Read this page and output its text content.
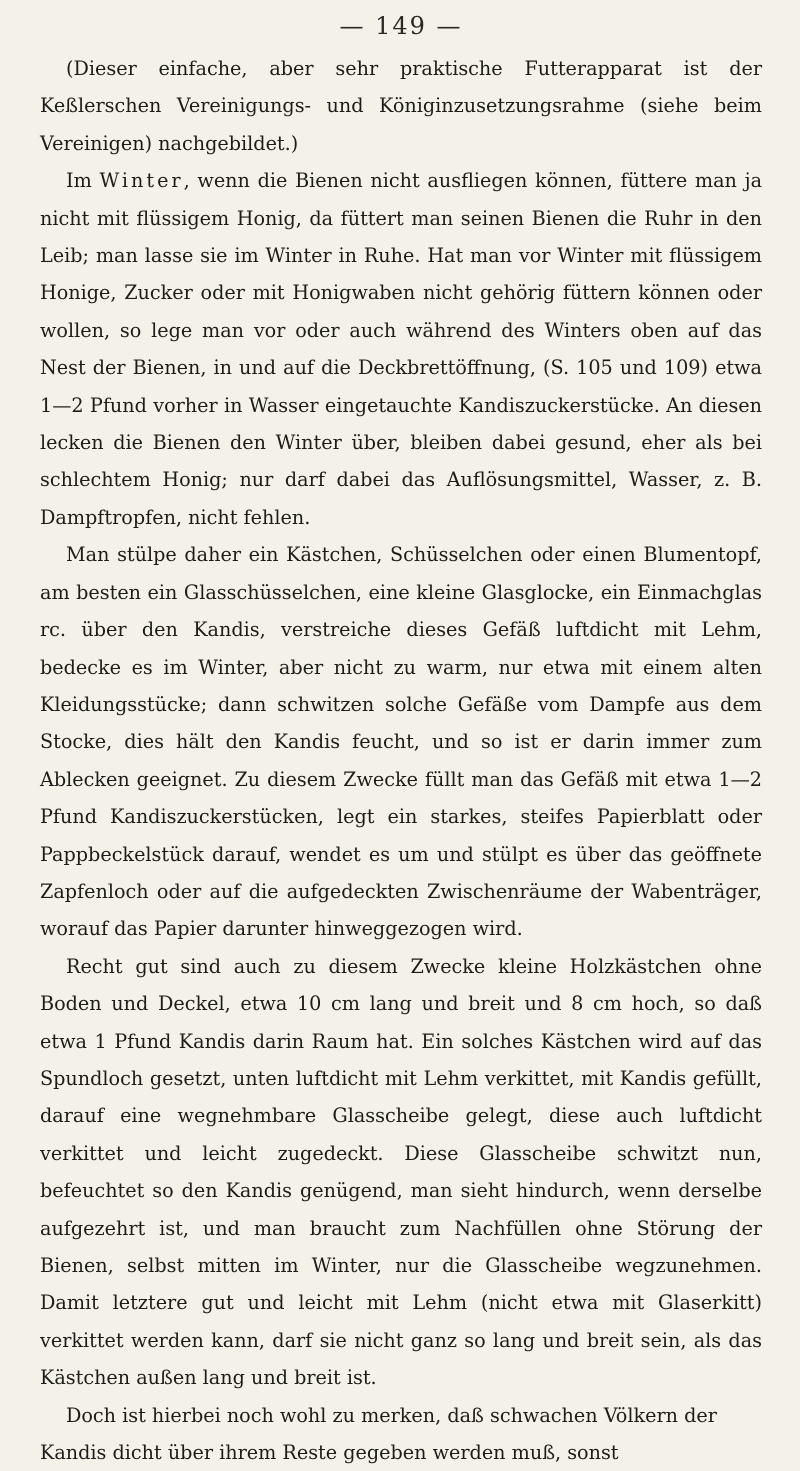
— 149 —

(Dieser einfache, aber sehr praktische Futterapparat ist der Keßlerschen Vereinigungs- und Königinzusetzungsrahme (siehe beim Vereinigen) nachgebildet.)

Im Winter, wenn die Bienen nicht ausfliegen können, füttere man ja nicht mit flüssigem Honig, da füttert man seinen Bienen die Ruhr in den Leib; man lasse sie im Winter in Ruhe. Hat man vor Winter mit flüssigem Honige, Zucker oder mit Honigwaben nicht gehörig füttern können oder wollen, so lege man vor oder auch während des Winters oben auf das Nest der Bienen, in und auf die Deckbrettöffnung, (S. 105 und 109) etwa 1—2 Pfund vorher in Wasser eingetauchte Kandiszuckerstücke. An diesen lecken die Bienen den Winter über, bleiben dabei gesund, eher als bei schlechtem Honig; nur darf dabei das Auflösungsmittel, Wasser, z. B. Dampftropfen, nicht fehlen.

Man stülpe daher ein Kästchen, Schüsselchen oder einen Blumentopf, am besten ein Glasschüsselchen, eine kleine Glasglocke, ein Einmachglas rc. über den Kandis, verstreiche dieses Gefäß luftdicht mit Lehm, bedecke es im Winter, aber nicht zu warm, nur etwa mit einem alten Kleidungsstücke; dann schwitzen solche Gefäße vom Dampfe aus dem Stocke, dies hält den Kandis feucht, und so ist er darin immer zum Ablecken geeignet. Zu diesem Zwecke füllt man das Gefäß mit etwa 1—2 Pfund Kandiszuckerstücken, legt ein starkes, steifes Papierblatt oder Pappbeckelstück darauf, wendet es um und stülpt es über das geöffnete Zapfenloch oder auf die aufgedeckten Zwischenräume der Wabenträger, worauf das Papier darunter hinweggezogen wird.

Recht gut sind auch zu diesem Zwecke kleine Holzkästchen ohne Boden und Deckel, etwa 10 cm lang und breit und 8 cm hoch, so daß etwa 1 Pfund Kandis darin Raum hat. Ein solches Kästchen wird auf das Spundloch gesetzt, unten luftdicht mit Lehm verkittet, mit Kandis gefüllt, darauf eine wegnehmbare Glasscheibe gelegt, diese auch luftdicht verkittet und leicht zugedeckt. Diese Glasscheibe schwitzt nun, befeuchtet so den Kandis genügend, man sieht hindurch, wenn derselbe aufgezehrt ist, und man braucht zum Nachfüllen ohne Störung der Bienen, selbst mitten im Winter, nur die Glasscheibe wegzunehmen. Damit letztere gut und leicht mit Lehm (nicht etwa mit Glaserkitt) verkittet werden kann, darf sie nicht ganz so lang und breit sein, als das Kästchen außen lang und breit ist.

Doch ist hierbei noch wohl zu merken, daß schwachen Völkern der Kandis dicht über ihrem Reste gegeben werden muß, sonst
